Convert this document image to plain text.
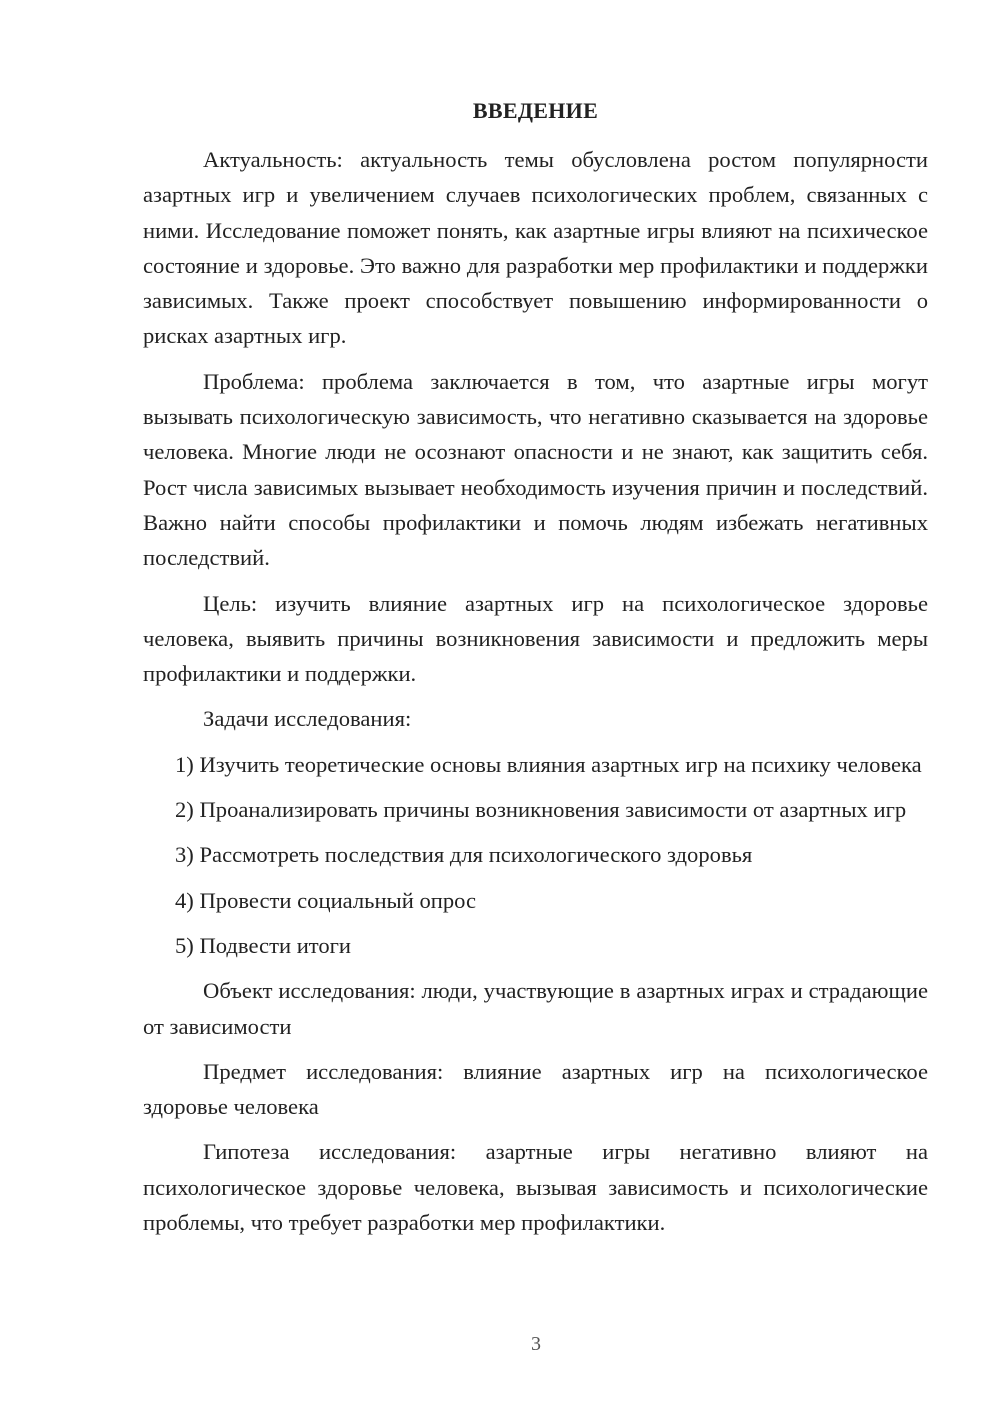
ВВЕДЕНИЕ

Актуальность: актуальность темы обусловлена ростом популярности азартных игр и увеличением случаев психологических проблем, связанных с ними. Исследование поможет понять, как азартные игры влияют на психическое состояние и здоровье. Это важно для разработки мер профилактики и поддержки зависимых. Также проект способствует повышению информированности о рисках азартных игр.

Проблема: проблема заключается в том, что азартные игры могут вызывать психологическую зависимость, что негативно сказывается на здоровье человека. Многие люди не осознают опасности и не знают, как защитить себя. Рост числа зависимых вызывает необходимость изучения причин и последствий. Важно найти способы профилактики и помочь людям избежать негативных последствий.

Цель: изучить влияние азартных игр на психологическое здоровье человека, выявить причины возникновения зависимости и предложить меры профилактики и поддержки.

Задачи исследования:

1) Изучить теоретические основы влияния азартных игр на психику человека

2) Проанализировать причины возникновения зависимости от азартных игр

3) Рассмотреть последствия для психологического здоровья

4) Провести социальный опрос

5) Подвести итоги

Объект исследования: люди, участвующие в азартных играх и страдающие от зависимости

Предмет исследования: влияние азартных игр на психологическое здоровье человека

Гипотеза исследования: азартные игры негативно влияют на психологическое здоровье человека, вызывая зависимость и психологические проблемы, что требует разработки мер профилактики.

3
